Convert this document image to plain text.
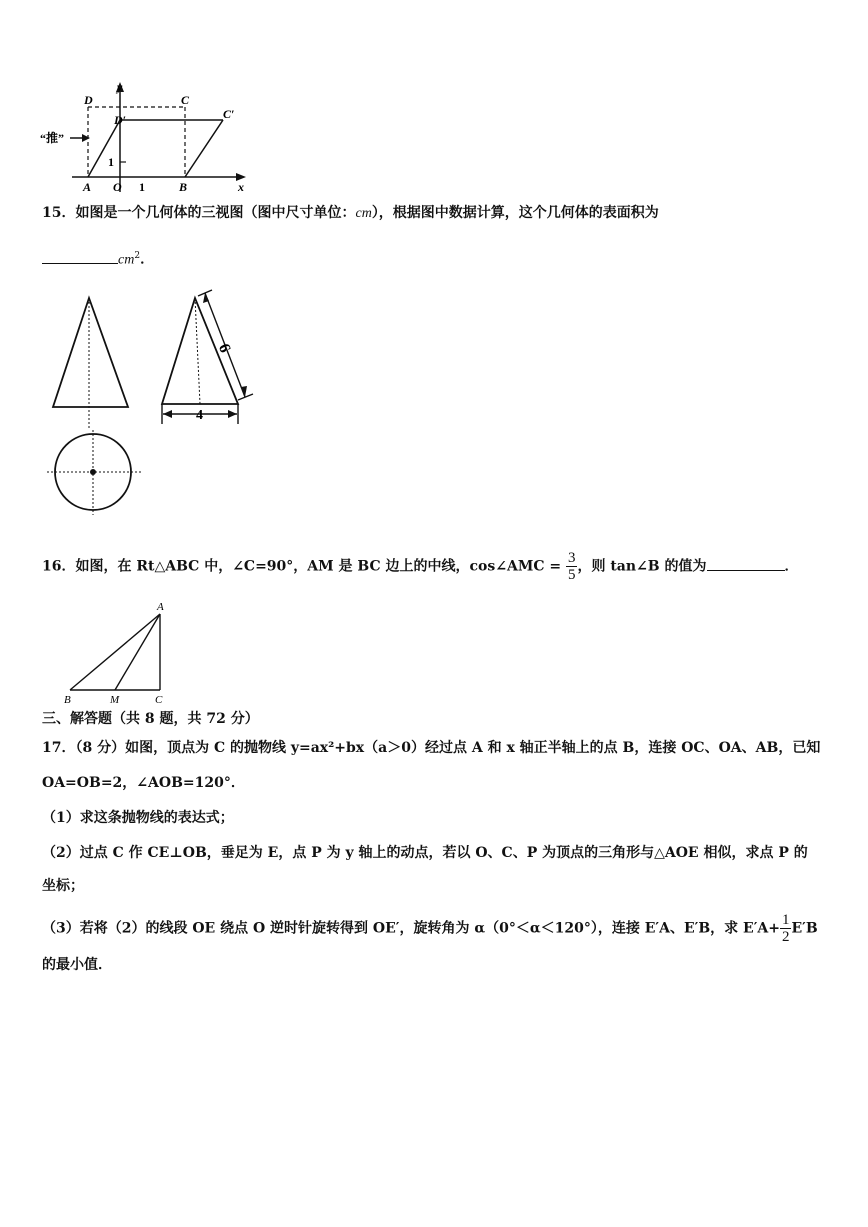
D	C
D′	C′
y
“推”
1
A O 1	B	x
15．如图是一个几何体的三视图（图中尺寸单位：cm），根据图中数据计算，这个几何体的表面积为
$cm^2$．
6
4
16．如图，在 Rt△ABC 中，∠C=90°，AM 是 BC 边上的中线，cos∠AMC = $\frac{3}{5}$ ，则 tan∠B 的值为	．
A
B	M	C
三、解答题（共 8 题，共 72 分）
17．（8 分）如图，顶点为 C 的抛物线 y=ax²+bx（a＞0）经过点 A 和 x 轴正半轴上的点 B，连接 OC、OA、AB，已知
OA=OB=2，∠AOB=120°．
（1）求这条抛物线的表达式；
（2）过点 C 作 CE⊥OB，垂足为 E，点 P 为 y 轴上的动点，若以 O、C、P 为顶点的三角形与△AOE 相似，求点 P 的
坐标；
（3）若将（2）的线段 OE 绕点 O 逆时针旋转得到 OE′，旋转角为 α（0°＜α＜120°），连接 E′A、E′B，求 $E'A+ \frac{1}{2} E'B$
的最小值．
